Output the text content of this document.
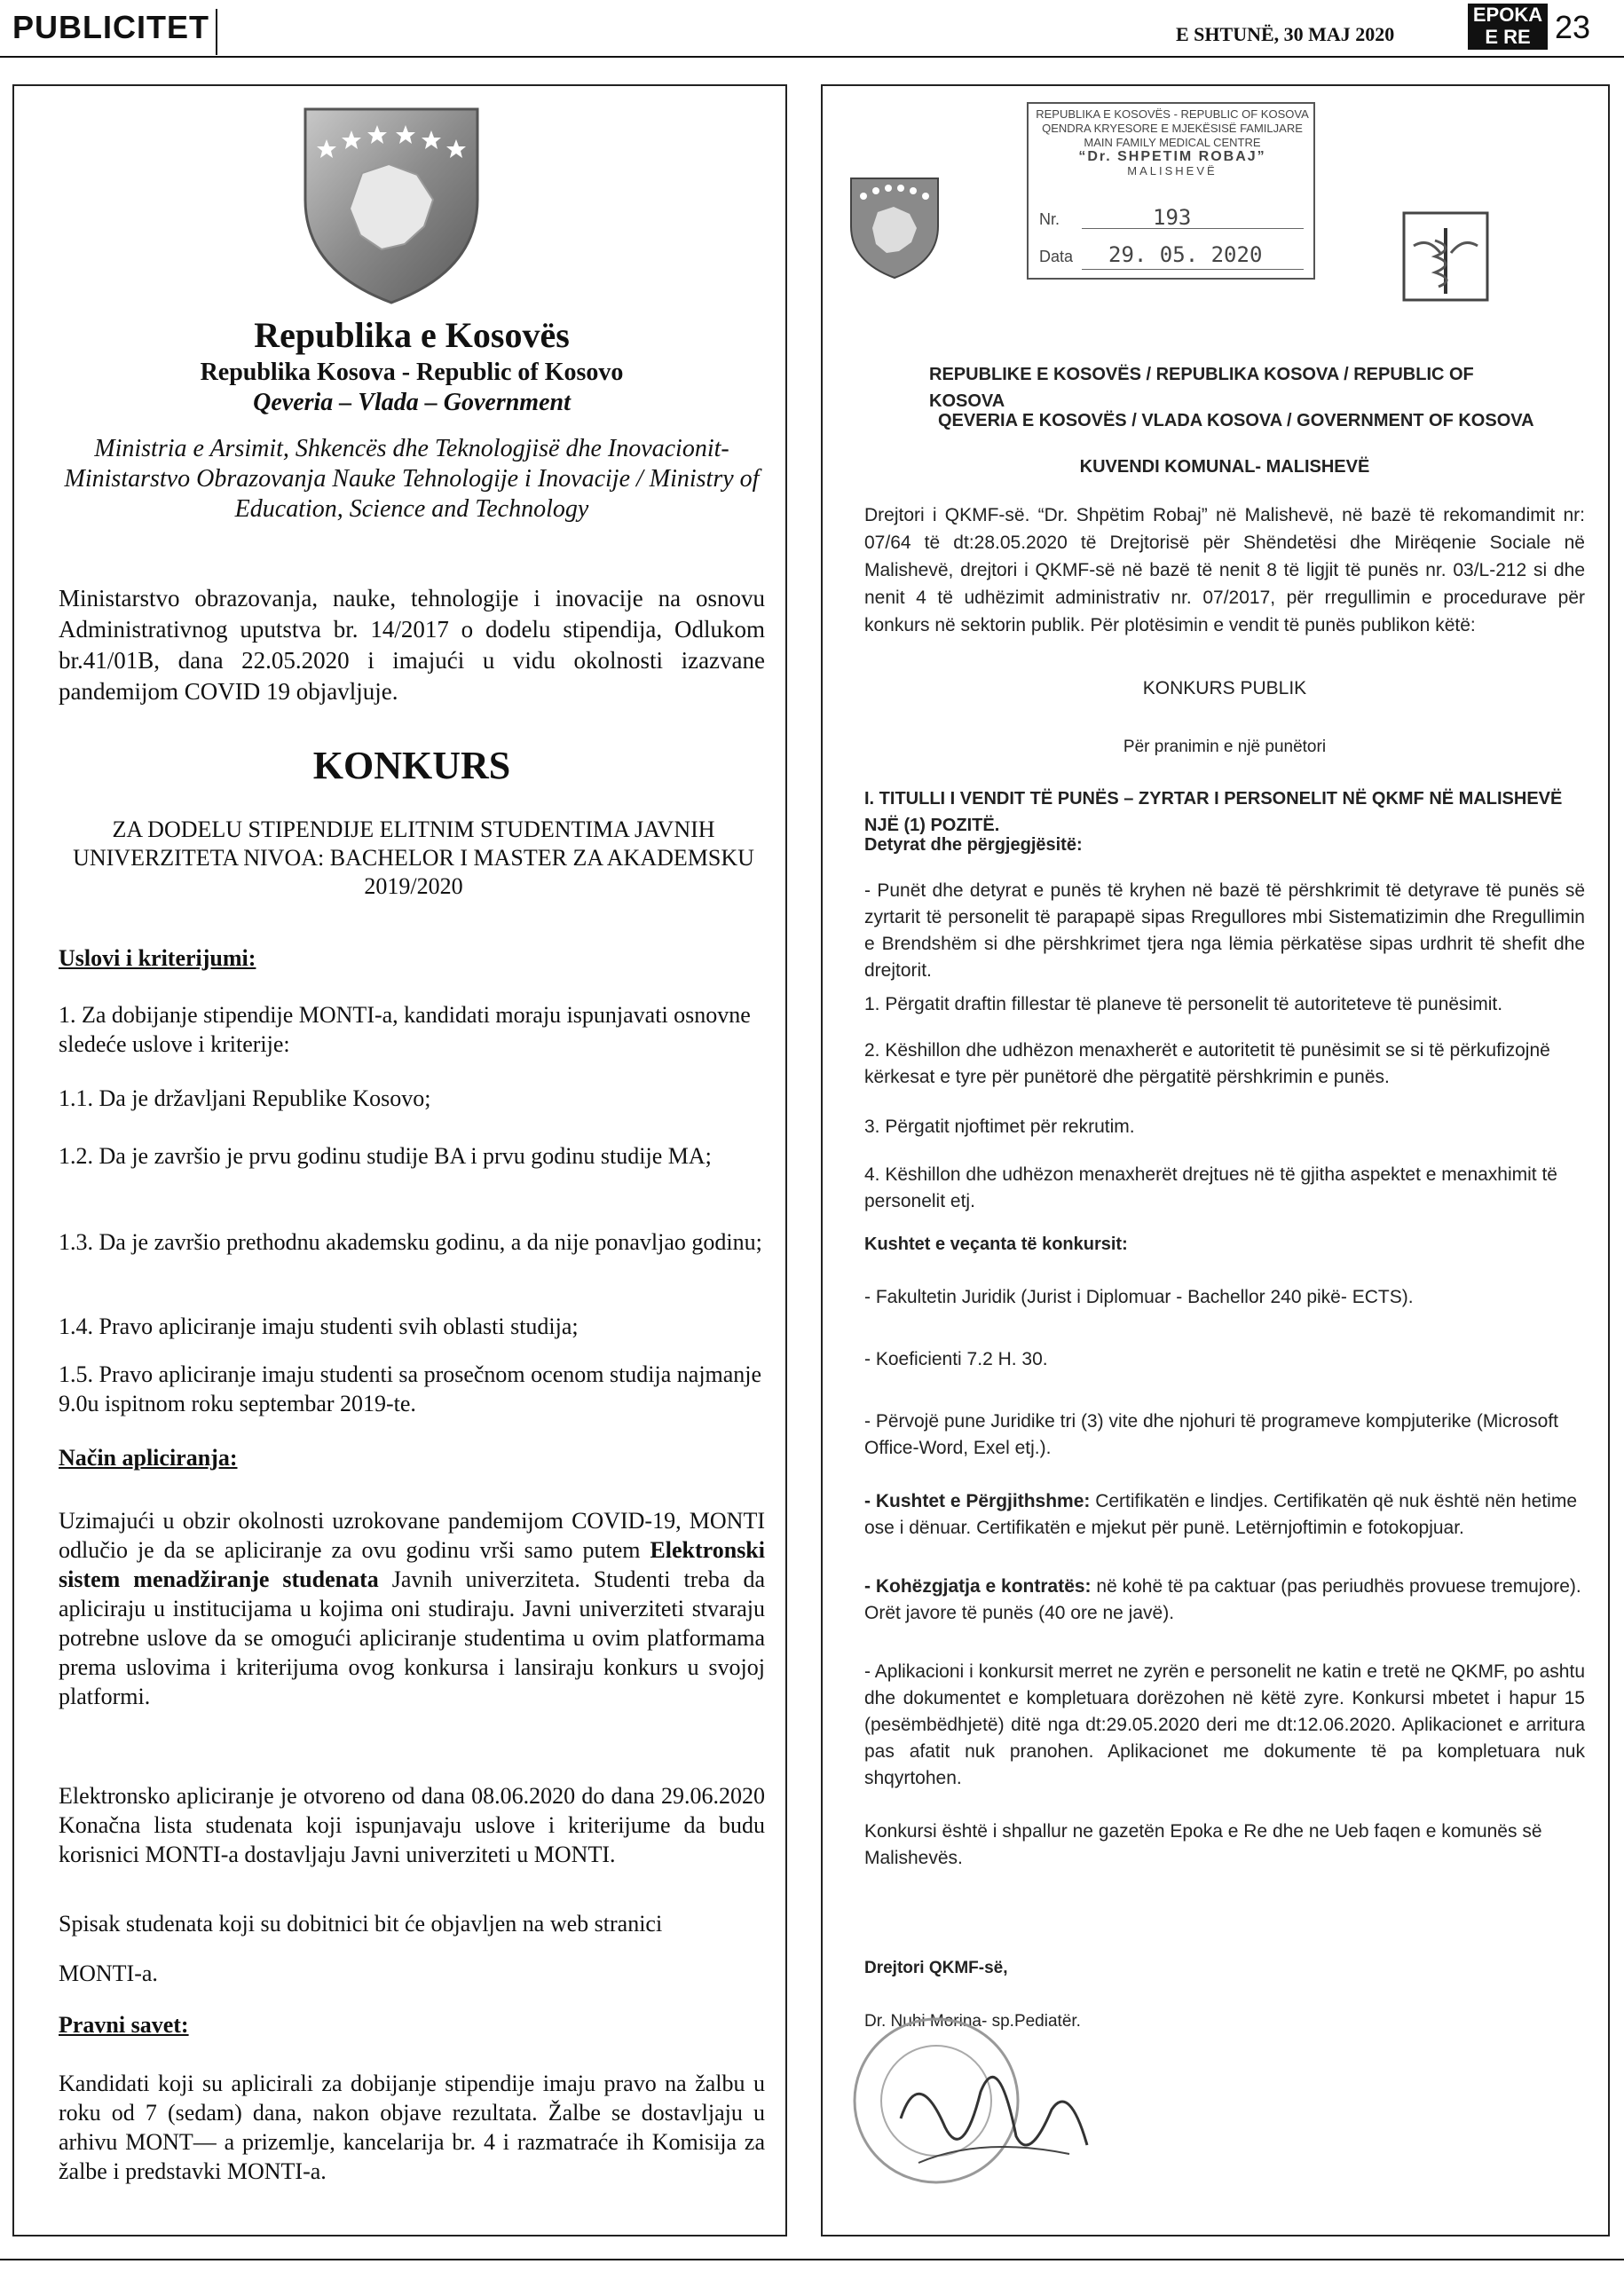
PUBLICITET	E SHTUNË, 30 MAJ 2020
EPOKA
E RE 23
Republika e Kosovës
Republika Kosova - Republic of Kosovo
Qeveria – Vlada – Government
Ministria e Arsimit, Shkencës dhe Teknologjisë dhe Inovacionit-Ministarstvo Obrazovanja Nauke Tehnologije i Inovacije / Ministry of Education, Science and Technology
Ministarstvo obrazovanja, nauke, tehnologije i inovacije na osnovu Administrativnog uputstva br. 14/2017 o dodelu stipendija, Odlukom br.41/01B, dana 22.05.2020 i imajući u vidu okolnosti izazvane pandemijom COVID 19 objavljuje.
KONKURS
ZA DODELU STIPENDIJE ELITNIM STUDENTIMA JAVNIH UNIVERZITETA NIVOA: BACHELOR I MASTER ZA AKADEMSKU 2019/2020
Uslovi i kriterijumi:
1. Za dobijanje stipendije MONTI-a, kandidati moraju ispunjavati osnovne sledeće uslove i kriterije:
1.1. Da je državljani Republike Kosovo;
1.2. Da je završio je prvu godinu studije BA i prvu godinu studije MA;
1.3. Da je završio prethodnu akademsku godinu, a da nije ponavljao godinu;
1.4. Pravo apliciranje imaju studenti svih oblasti studija;
1.5. Pravo apliciranje imaju studenti sa prosečnom ocenom studija najmanje 9.0u ispitnom roku septembar 2019-te.
Način apliciranja:
Uzimajući u obzir okolnosti uzrokovane pandemijom COVID-19, MONTI odlučio je da se apliciranje za ovu godinu vrši samo putem Elektronski sistem menadžiranje studenata Javnih univerziteta. Studenti treba da apliciraju u institucijama u kojima oni studiraju. Javni univerziteti stvaraju potrebne uslove da se omogući apliciranje studentima u ovim platformama prema uslovima i kriterijuma ovog konkursa i lansiraju konkurs u svojoj platformi.
Elektronsko apliciranje je otvoreno od dana 08.06.2020 do dana 29.06.2020 Konačna lista studenata koji ispunjavaju uslove i kriterijume da budu korisnici MONTI-a dostavljaju Javni univerziteti u MONTI.
Spisak studenata koji su dobitnici bit će objavljen na web stranici
MONTI-a.
Pravni savet:
Kandidati koji su aplicirali za dobijanje stipendije imaju pravo na žalbu u roku od 7 (sedam) dana, nakon objave rezultata. Žalbe se dostavljaju u arhivu MONT— a prizemlje, kancelarija br. 4 i razmatraće ih Komisija za žalbe i predstavki MONTI-a.
REPUBLIKA E KOSOVËS - REPUBLIC OF KOSOVA
QENDRA KRYESORE E MJEKËSISË FAMILJARE
MAIN FAMILY MEDICAL CENTRE
“Dr. SHPETIM ROBAJ”
MALISHEVË
Nr.	193
Data 29. 05. 2020
REPUBLIKE E KOSOVËS / REPUBLIKA KOSOVA / REPUBLIC OF KOSOVA
QEVERIA E KOSOVËS / VLADA KOSOVA / GOVERNMENT OF KOSOVA
KUVENDI KOMUNAL- MALISHEVË
Drejtori i QKMF-së. “Dr. Shpëtim Robaj” në Malishevë, në bazë të rekomandimit nr: 07/64 të dt:28.05.2020 të Drejtorisë për Shëndetësi dhe Mirëqenie Sociale në Malishevë, drejtori i QKMF-së në bazë të nenit 8 të ligjit të punës nr. 03/L-212 si dhe nenit 4 të udhëzimit administrativ nr. 07/2017, për rregullimin e procedurave për konkurs në sektorin publik. Për plotësimin e vendit të punës publikon këtë:
KONKURS PUBLIK
Për pranimin e një punëtori
I. TITULLI I VENDIT TË PUNËS – ZYRTAR I PERSONELIT NË QKMF NË MALISHEVË NJË (1) POZITË.
Detyrat dhe përgjegjësitë:
- Punët dhe detyrat e punës të kryhen në bazë të përshkrimit të detyrave të punës së zyrtarit të personelit të parapарë sipas Rregullores mbi Sistematizimin dhe Rregullimin e Brendshëm si dhe përshkrimet tjera nga lëmia përkatëse sipas urdhrit të shefit dhe drejtorit.
1. Përgatit draftin fillestar të planeve të personelit të autoriteteve të punësimit.
2. Këshillon dhe udhëzon menaxherët e autoritetit të punësimit se si të përkufizojnë kërkesat e tyre për punëtorë dhe përgatitë përshkrimin e punës.
3. Përgatit njoftimet për rekrutim.
4. Këshillon dhe udhëzon menaxherët drejtues në të gjitha aspektet e menaxhimit të personelit etj.
Kushtet e veçanta të konkursit:
- Fakultetin Juridik (Jurist i Diplomuar - Bachellor 240 pikë- ECTS).
- Koeficienti 7.2 H. 30.
- Përvojë pune Juridike tri (3) vite dhe njohuri të programeve kompjuterike (Microsoft Office-Word, Exel etj.).
- Kushtet e Përgjithshme: Certifikatën e lindjes. Certifikatën që nuk është nën hetime ose i dënuar. Certifikatën e mjekut për punë. Letërnjoftimin e fotokopjuar.
- Kohëzgjatja e kontratës: në kohë të pa caktuar (pas periudhës provuese tremujore). Orët javore të punës (40 ore ne javë).
- Aplikacioni i konkursit merret ne zyrën e personelit ne katin e tretë ne QKMF, po ashtu dhe dokumentet e kompletuara dorëzohen në këtë zyre. Konkursi mbetet i hapur 15 (pesëmbëdhjetë) ditë nga dt:29.05.2020 deri me dt:12.06.2020. Aplikacionet e arritura pas afatit nuk pranohen. Aplikacionet me dokumente të pa kompletuara nuk shqyrtohen.
Konkursi është i shpallur ne gazetën Epoka e Re dhe ne Ueb faqen e komunës së Malishevës.
Drejtori QKMF-së,
Dr. Nuhi Morina- sp.Pediatër.
